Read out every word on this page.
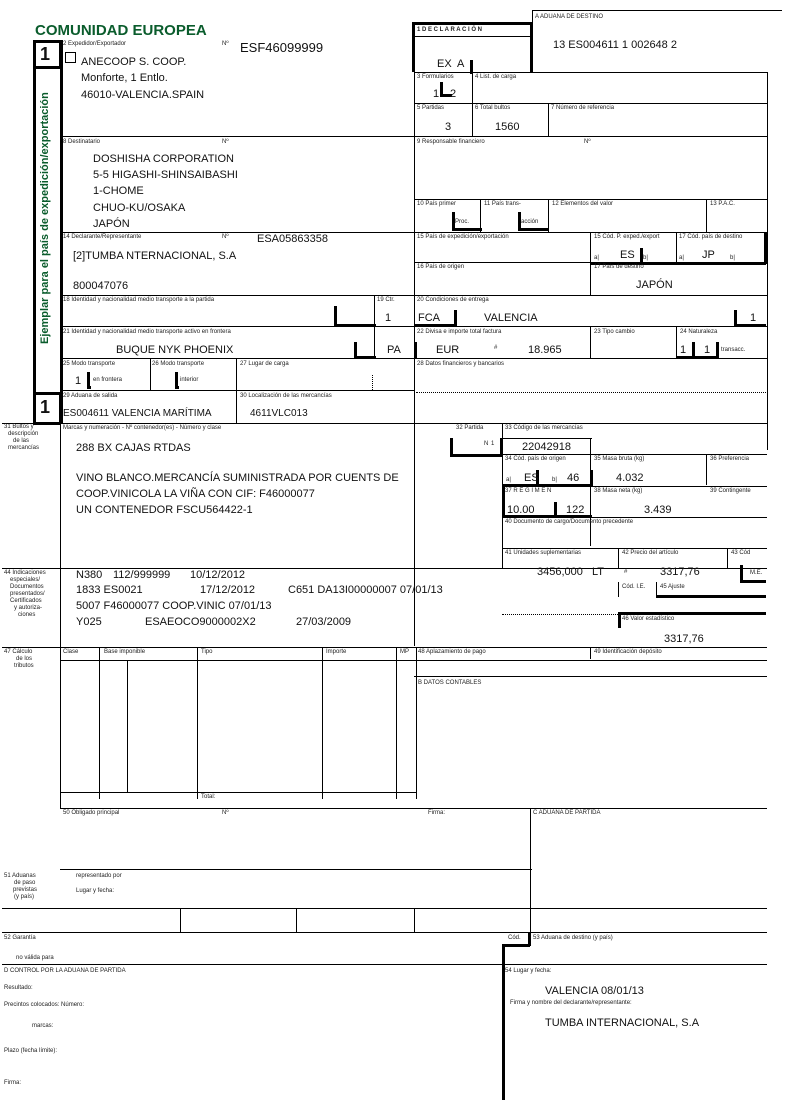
COMUNIDAD EUROPEA
1
1
Ejemplar para el país de expedición/exportación
A ADUANA DE DESTINO
1 D E C L A R A C I Ó N
13 ES004611 1 002648 2
EX A
2 Expedidor/Exportador	Nº ESF46099999
ANECOOP S. COOP.
Monforte, 1 Entlo.
46010-VALENCIA.SPAIN
3 Formularios
1 2
4 List. de carga
5 Partidas
3
6 Total bultos
1560
7 Número de referencia
8 Destinatario	Nº
DOSHISHA CORPORATION
5-5 HIGASHI-SHINSAIBASHI
1-CHOME
CHUO-KU/OSAKA
JAPÓN
9 Responsable financiero	Nº
10 País primer
Proc.
11 País trans-
acción
12 Elementos del valor	13 P.A.C.
15 País de expedición/exportación	15 Cód. P. exped./export
a| ES b|
17 Cód. país de destino
a| JP	b|
16 País de origen	17 País de destino
JAPÓN
14 Declarante/Representante	Nº	ESA05863358
[2]TUMBA NTERNACIONAL, S.A
800047076
18 Identidad y nacionalidad medio transporte a la partida	19 Ctr.
1
20 Condiciones de entrega
FCA	VALENCIA	1
21 Identidad y nacionalidad medio transporte activo en frontera
BUQUE NYK PHOENIX	PA
22 Divisa e importe total factura
EUR	#	18.965
23 Tipo cambio	24 Naturaleza
1 1 transacc.
25 Modo transporte
en frontera
1
26 Modo transporte
interior
27 Lugar de carga	28 Datos financieros y bancarios
29 Aduana de salida
ES004611 VALENCIA MARÍTIMA
30 Localización de las mercancías
4611VLC013
31 Bultos y
descripción
de las
mercancías
Marcas y numeración - Nº contenedor(es) - Número y clase
288 BX CAJAS RTDAS
VINO BLANCO.MERCANCÍA SUMINISTRADA POR CUENTS DE
COOP.VINICOLA LA VIÑA CON CIF: F46000077
UN CONTENEDOR FSCU564422-1
32 Partida
N 1
33 Código de las mercancías
22042918
34 Cód. país de origen
a| ES b| 46
35 Masa bruta (kg)
4.032
36 Preferencia
37 R É G I M E N
10.00	122
38 Masa neta (kg)
3.439
39 Contingente
40 Documento de cargo/Documento precedente
41 Unidades suplementarias
3456,000 LT
42 Precio del artículo
#	3317,76
43 Cód
M.E.
Cód. I.E. 45 Ajuste
46 Valor estadístico
3317,76
44 Indicaciones
especiales/
Documentos
presentados/
Certificados
y autoriza-
ciones
N380 112/999999 10/12/2012
1833 ES0021	17/12/2012	C651 DA13I00000007 07/01/13
5007 F46000077 COOP.VINIC 07/01/13
Y025	ESAEOCO9000002X2	27/03/2009
47 Cálculo
de los
tributos
Clase	Base imponible	Tipo	Importe	MP
Total:
48 Aplazamiento de pago	49 Identificación depósito
B DATOS CONTABLES
50 Obligado principal	Nº	Firma:	C ADUANA DE PARTIDA
representado por
Lugar y fecha:
51 Aduanas
de paso
previstas
(y país)
52 Garantía
no válida para
Cód. 53 Aduana de destino (y país)
D CONTROL POR LA ADUANA DE PARTIDA
Resultado:
Precintos colocados: Número:
marcas:
Plazo (fecha límite):
Firma:
54 Lugar y fecha:
VALENCIA 08/01/13
Firma y nombre del declarante/representante:
TUMBA INTERNACIONAL, S.A
